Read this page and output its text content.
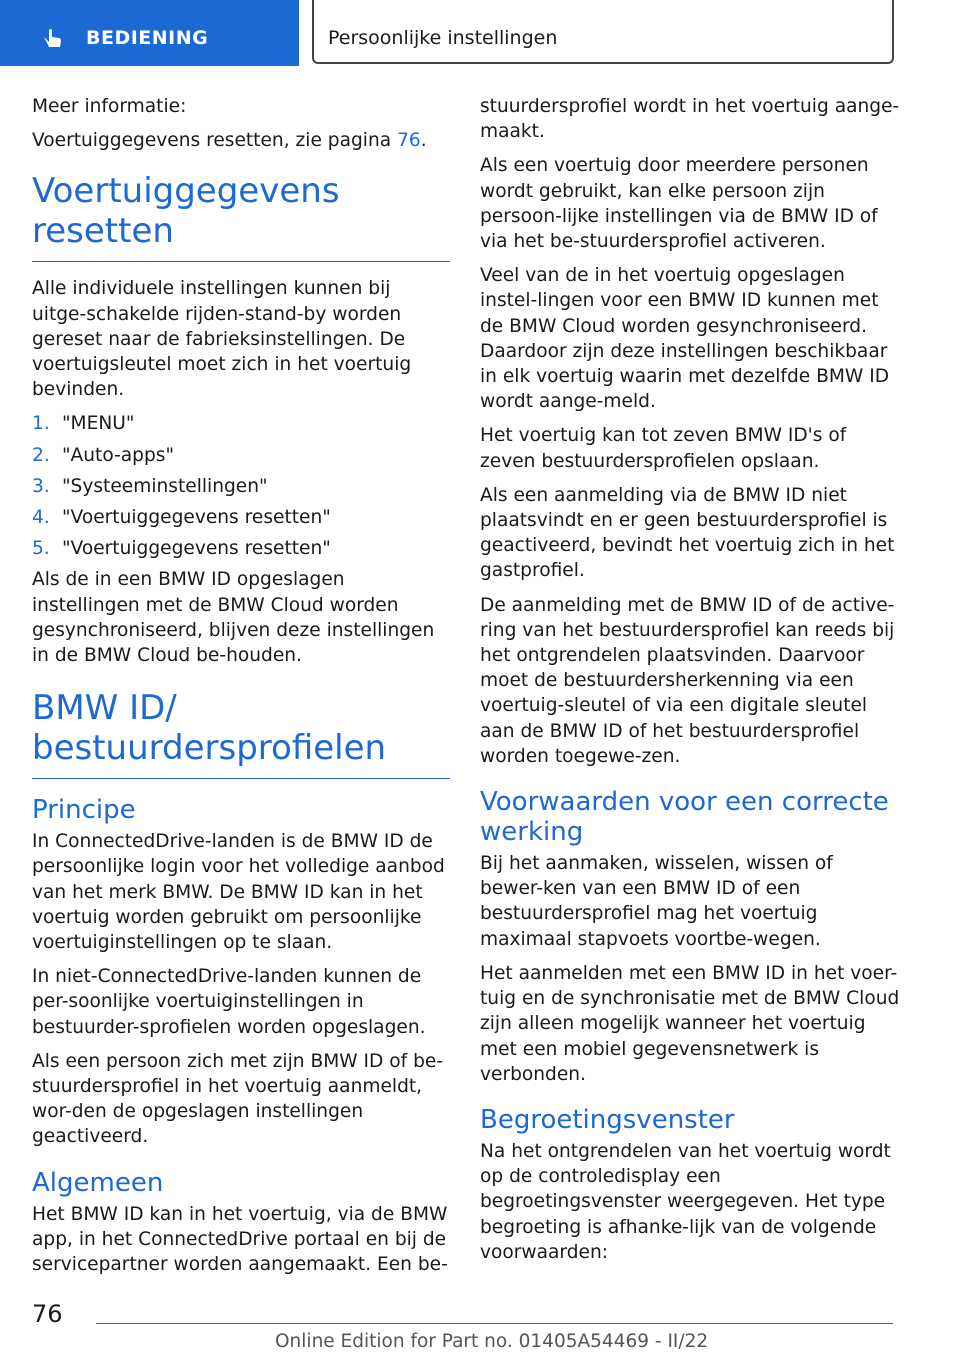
BEDIENING	Persoonlijke instellingen

Meer informatie:

Voertuiggegevens resetten, zie pagina 76.

Voertuiggegevens resetten

Alle individuele instellingen kunnen bij uitge-schakelde rijden-stand-by worden gereset naar de fabrieksinstellingen. De voertuigsleutel moet zich in het voertuig bevinden.

1. "MENU"
2. "Auto-apps"
3. "Systeeminstellingen"
4. "Voertuiggegevens resetten"
5. "Voertuiggegevens resetten"

Als de in een BMW ID opgeslagen instellingen met de BMW Cloud worden gesynchroniseerd, blijven deze instellingen in de BMW Cloud be-houden.

BMW ID/
bestuurdersprofielen
Principe

In ConnectedDrive-landen is de BMW ID de persoonlijke login voor het volledige aanbod van het merk BMW. De BMW ID kan in het voertuig worden gebruikt om persoonlijke voertuiginstellingen op te slaan.

In niet-ConnectedDrive-landen kunnen de per-soonlijke voertuiginstellingen in bestuurder-sprofielen worden opgeslagen.

Als een persoon zich met zijn BMW ID of be-stuurdersprofiel in het voertuig aanmeldt, wor-den de opgeslagen instellingen geactiveerd.

Algemeen

Het BMW ID kan in het voertuig, via de BMW app, in het ConnectedDrive portaal en bij de servicepartner worden aangemaakt. Een be-

stuurdersprofiel wordt in het voertuig aange-maakt.

Als een voertuig door meerdere personen wordt gebruikt, kan elke persoon zijn persoon-lijke instellingen via de BMW ID of via het be-stuurdersprofiel activeren.

Veel van de in het voertuig opgeslagen instel-lingen voor een BMW ID kunnen met de BMW Cloud worden gesynchroniseerd. Daardoor zijn deze instellingen beschikbaar in elk voertuig waarin met dezelfde BMW ID wordt aange-meld.

Het voertuig kan tot zeven BMW ID's of zeven bestuurdersprofielen opslaan.

Als een aanmelding via de BMW ID niet plaatsvindt en er geen bestuurdersprofiel is geactiveerd, bevindt het voertuig zich in het gastprofiel.

De aanmelding met de BMW ID of de active-ring van het bestuurdersprofiel kan reeds bij het ontgrendelen plaatsvinden. Daarvoor moet de bestuurdersherkenning via een voertuig-sleutel of via een digitale sleutel aan de BMW ID of het bestuurdersprofiel worden toegewe-zen.

Voorwaarden voor een correcte werking

Bij het aanmaken, wisselen, wissen of bewer-ken van een BMW ID of een bestuurdersprofiel mag het voertuig maximaal stapvoets voortbe-wegen.

Het aanmelden met een BMW ID in het voer-tuig en de synchronisatie met de BMW Cloud zijn alleen mogelijk wanneer het voertuig met een mobiel gegevensnetwerk is verbonden.

Begroetingsvenster

Na het ontgrendelen van het voertuig wordt op de controledisplay een begroetingsvenster weergegeven. Het type begroeting is afhanke-lijk van de volgende voorwaarden:

76
Online Edition for Part no. 01405A54469 - II/22
